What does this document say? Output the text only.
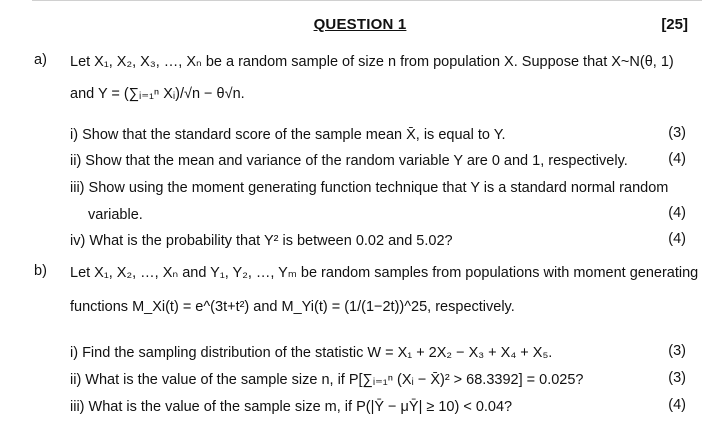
QUESTION 1	[25]
a) Let X₁, X₂, X₃, …, Xₙ be a random sample of size n from population X. Suppose that X~N(θ, 1)
and Y = (∑ᵢ₌₁ⁿ Xᵢ)/√n − θ√n.
i) Show that the standard score of the sample mean X̄, is equal to Y.	(3)
ii) Show that the mean and variance of the random variable Y are 0 and 1, respectively.	(4)
iii) Show using the moment generating function technique that Y is a standard normal random
variable.	(4)
iv) What is the probability that Y² is between 0.02 and 5.02?	(4)
b) Let X₁, X₂, …, Xₙ and Y₁, Y₂, …, Yₘ be random samples from populations with moment generating
functions M_Xi(t) = e^(3t+t²) and M_Yi(t) = (1/(1−2t))^25, respectively.
i) Find the sampling distribution of the statistic W = X₁ + 2X₂ − X₃ + X₄ + X₅.	(3)
ii) What is the value of the sample size n, if P[∑ᵢ₌₁ⁿ (Xᵢ − X̄)² > 68.3392] = 0.025?	(3)
iii) What is the value of the sample size m, if P(|Ȳ − μȲ| ≥ 10) < 0.04?	(4)
